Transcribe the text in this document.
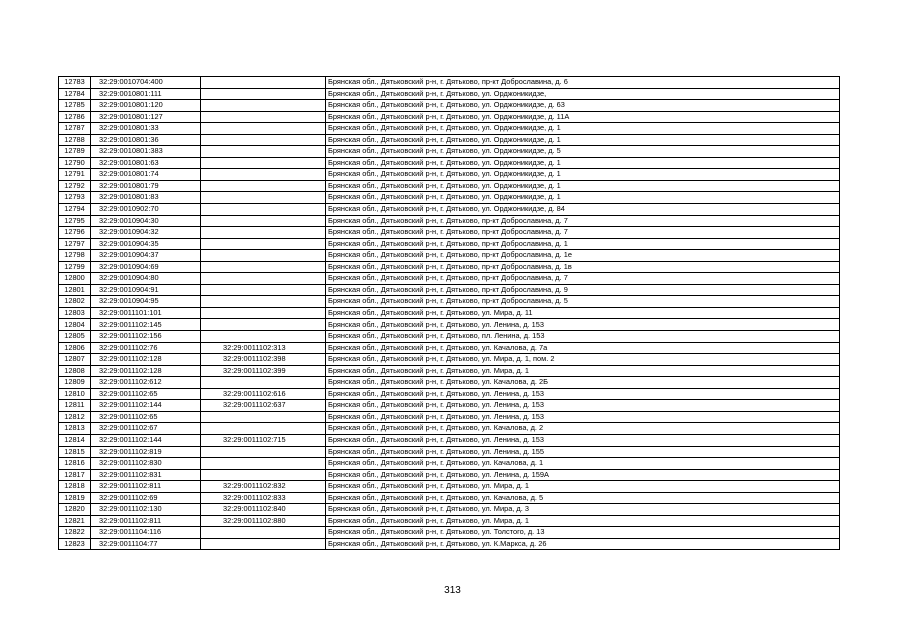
12783	32:29:0010704:400		Брянская обл., Дятьковский р-н, г. Дятьково, пр-кт Доброславина, д. 6
12784	32:29:0010801:111		Брянская обл., Дятьковский р-н, г. Дятьково, ул. Орджоникидзе,
12785	32:29:0010801:120		Брянская обл., Дятьковский р-н, г. Дятьково, ул. Орджоникидзе, д. 63
12786	32:29:0010801:127		Брянская обл., Дятьковский р-н, г. Дятьково, ул. Орджоникидзе, д. 11А
12787	32:29:0010801:33		Брянская обл., Дятьковский р-н, г. Дятьково, ул. Орджоникидзе, д. 1
12788	32:29:0010801:36		Брянская обл., Дятьковский р-н, г. Дятьково, ул. Орджоникидзе, д. 1
12789	32:29:0010801:383		Брянская обл., Дятьковский р-н, г. Дятьково, ул. Орджоникидзе, д. 5
12790	32:29:0010801:63		Брянская обл., Дятьковский р-н, г. Дятьково, ул. Орджоникидзе, д. 1
12791	32:29:0010801:74		Брянская обл., Дятьковский р-н, г. Дятьково, ул. Орджоникидзе, д. 1
12792	32:29:0010801:79		Брянская обл., Дятьковский р-н, г. Дятьково, ул. Орджоникидзе, д. 1
12793	32:29:0010801:83		Брянская обл., Дятьковский р-н, г. Дятьково, ул. Орджоникидзе, д. 1
12794	32:29:0010902:70		Брянская обл., Дятьковский р-н, г. Дятьково, ул. Орджоникидзе, д. 84
12795	32:29:0010904:30		Брянская обл., Дятьковский р-н, г. Дятьково, пр-кт Доброславина, д. 7
12796	32:29:0010904:32		Брянская обл., Дятьковский р-н, г. Дятьково, пр-кт Доброславина, д. 7
12797	32:29:0010904:35		Брянская обл., Дятьковский р-н, г. Дятьково, пр-кт Доброславина, д. 1
12798	32:29:0010904:37		Брянская обл., Дятьковский р-н, г. Дятьково, пр-кт Доброславина, д. 1е
12799	32:29:0010904:69		Брянская обл., Дятьковский р-н, г. Дятьково, пр-кт Доброславина, д. 1в
12800	32:29:0010904:80		Брянская обл., Дятьковский р-н, г. Дятьково, пр-кт Доброславина, д. 7
12801	32:29:0010904:91		Брянская обл., Дятьковский р-н, г. Дятьково, пр-кт Доброславина, д. 9
12802	32:29:0010904:95		Брянская обл., Дятьковский р-н, г. Дятьково, пр-кт Доброславина, д. 5
12803	32:29:0011101:101		Брянская обл., Дятьковский р-н, г. Дятьково, ул. Мира, д. 11
12804	32:29:0011102:145		Брянская обл., Дятьковский р-н, г. Дятьково, ул. Ленина, д. 153
12805	32:29:0011102:156		Брянская обл., Дятьковский р-н, г. Дятьково, пл. Ленина, д. 153
12806	32:29:0011102:76	32:29:0011102:313	Брянская обл., Дятьковский р-н, г. Дятьково, ул. Качалова, д. 7а
12807	32:29:0011102:128	32:29:0011102:398	Брянская обл., Дятьковский р-н, г. Дятьково, ул. Мира, д. 1, пом. 2
12808	32:29:0011102:128	32:29:0011102:399	Брянская обл., Дятьковский р-н, г. Дятьково, ул. Мира, д. 1
12809	32:29:0011102:612		Брянская обл., Дятьковский р-н, г. Дятьково, ул. Качалова, д. 2Б
12810	32:29:0011102:65	32:29:0011102:616	Брянская обл., Дятьковский р-н, г. Дятьково, ул. Ленина, д. 153
12811	32:29:0011102:144	32:29:0011102:637	Брянская обл., Дятьковский р-н, г. Дятьково, ул. Ленина, д. 153
12812	32:29:0011102:65		Брянская обл., Дятьковский р-н, г. Дятьково, ул. Ленина, д. 153
12813	32:29:0011102:67		Брянская обл., Дятьковский р-н, г. Дятьково, ул. Качалова, д. 2
12814	32:29:0011102:144	32:29:0011102:715	Брянская обл., Дятьковский р-н, г. Дятьково, ул. Ленина, д. 153
12815	32:29:0011102:819		Брянская обл., Дятьковский р-н, г. Дятьково, ул. Ленина, д. 155
12816	32:29:0011102:830		Брянская обл., Дятьковский р-н, г. Дятьково, ул. Качалова, д. 1
12817	32:29:0011102:831		Брянская обл., Дятьковский р-н, г. Дятьково, ул. Ленина, д. 159А
12818	32:29:0011102:811	32:29:0011102:832	Брянская обл., Дятьковский р-н, г. Дятьково, ул. Мира, д. 1
12819	32:29:0011102:69	32:29:0011102:833	Брянская обл., Дятьковский р-н, г. Дятьково, ул. Качалова, д. 5
12820	32:29:0011102:130	32:29:0011102:840	Брянская обл., Дятьковский р-н, г. Дятьково, ул. Мира, д. 3
12821	32:29:0011102:811	32:29:0011102:880	Брянская обл., Дятьковский р-н, г. Дятьково, ул. Мира, д. 1
12822	32:29:0011104:116		Брянская обл., Дятьковский р-н, г. Дятьково, ул. Толстого, д. 13
12823	32:29:0011104:77		Брянская обл., Дятьковский р-н, г. Дятьково, ул. К.Маркса, д. 26
313
